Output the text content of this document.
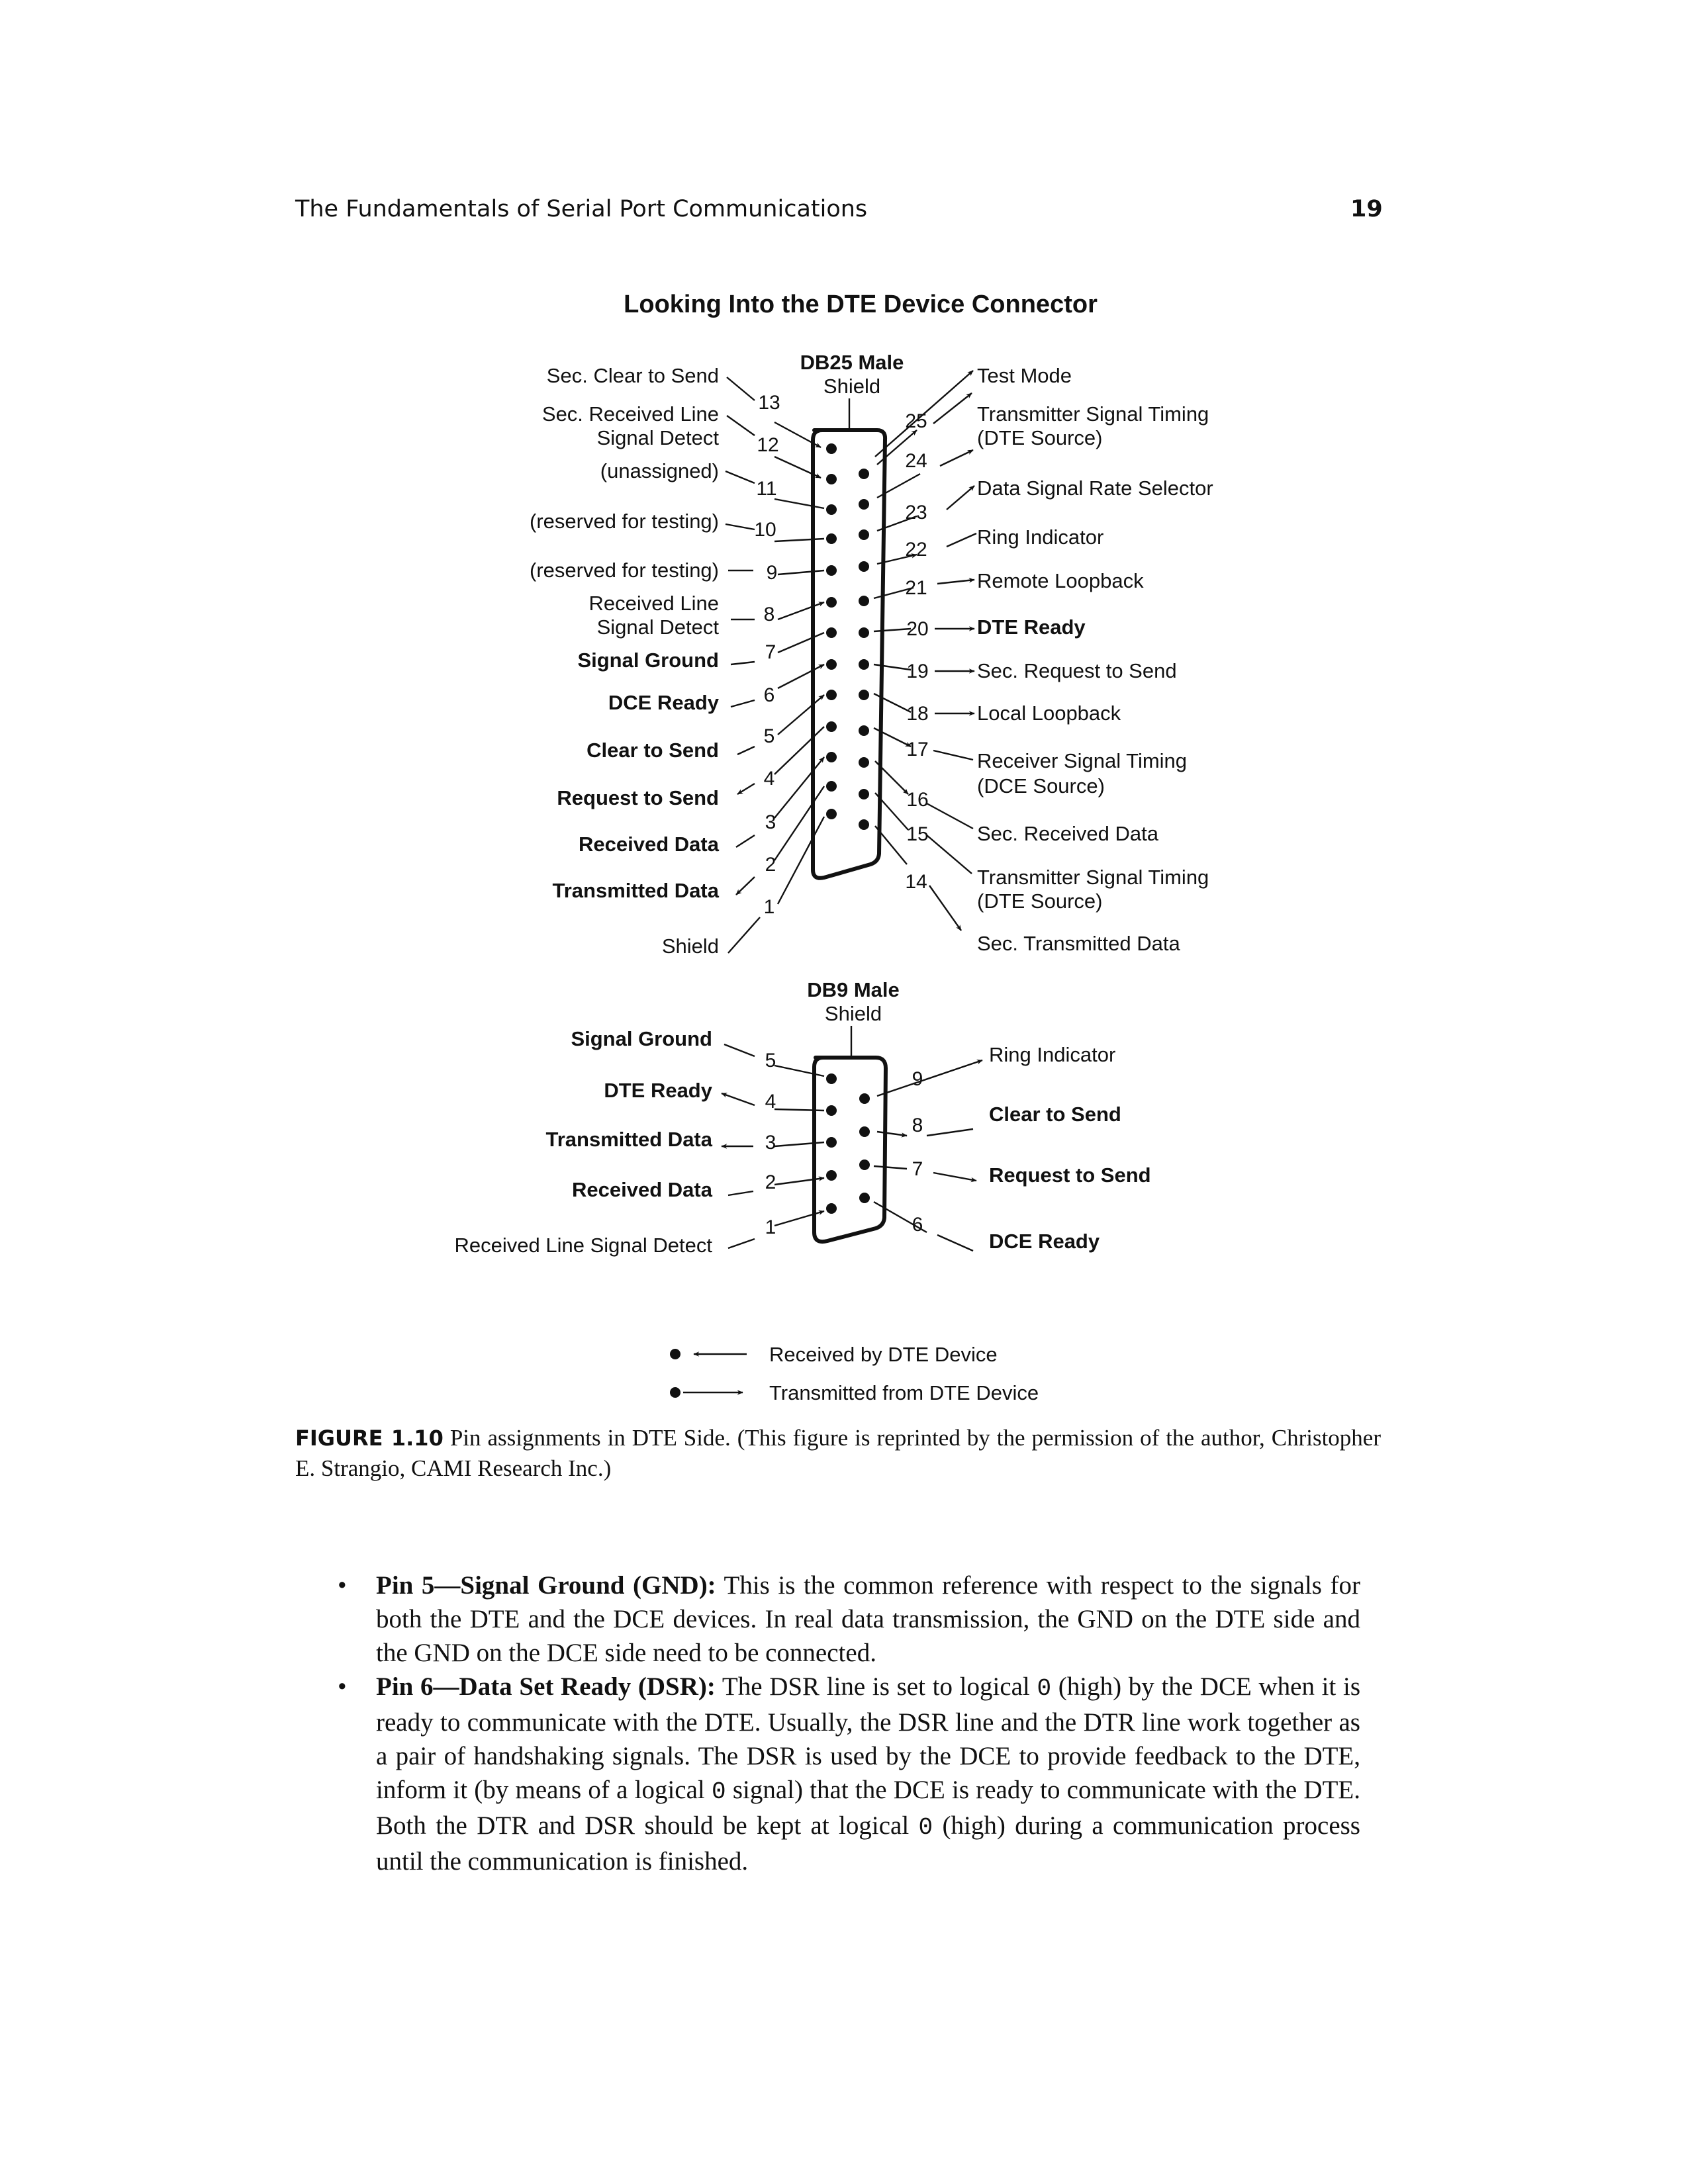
The Fundamentals of Serial Port Communications	19
Looking Into the DTE Device Connector
DB25 Male
Shield
13
12
11
10
9
8
7
6
5
4
3
2
1
25
24
23
22
21
20
19
18
17
16
15
14
Sec. Clear to Send
Sec. Received Line
Signal Detect
(unassigned)
(reserved for testing)
(reserved for testing)
Received Line
Signal Detect
Signal Ground
DCE Ready
Clear to Send
Request to Send
Received Data
Transmitted Data
Shield
Test Mode
Transmitter Signal Timing
(DTE Source)
Data Signal Rate Selector
Ring Indicator
Remote Loopback
DTE Ready
Sec. Request to Send
Local Loopback
Receiver Signal Timing
(DCE Source)
Sec. Received Data
Transmitter Signal Timing
(DTE Source)
Sec. Transmitted Data
DB9 Male
Shield
5
4
3
2
1
9
8
7
6
Signal Ground
DTE Ready
Transmitted Data
Received Data
Received Line Signal Detect
Ring Indicator
Clear to Send
Request to Send
DCE Ready
Received by DTE Device
Transmitted from DTE Device
FIGURE 1.10 Pin assignments in DTE Side. (This figure is reprinted by the permission of the author, Christopher E. Strangio, CAMI Research Inc.)
• Pin 5—Signal Ground (GND): This is the common reference with respect to the signals for both the DTE and the DCE devices. In real data transmission, the GND on the DTE side and the GND on the DCE side need to be connected.
• Pin 6—Data Set Ready (DSR): The DSR line is set to logical 0 (high) by the DCE when it is ready to communicate with the DTE. Usually, the DSR line and the DTR line work together as a pair of handshaking signals. The DSR is used by the DCE to provide feedback to the DTE, inform it (by means of a logical 0 signal) that the DCE is ready to communicate with the DTE. Both the DTR and DSR should be kept at logical 0 (high) during a communication process until the communication is finished.
